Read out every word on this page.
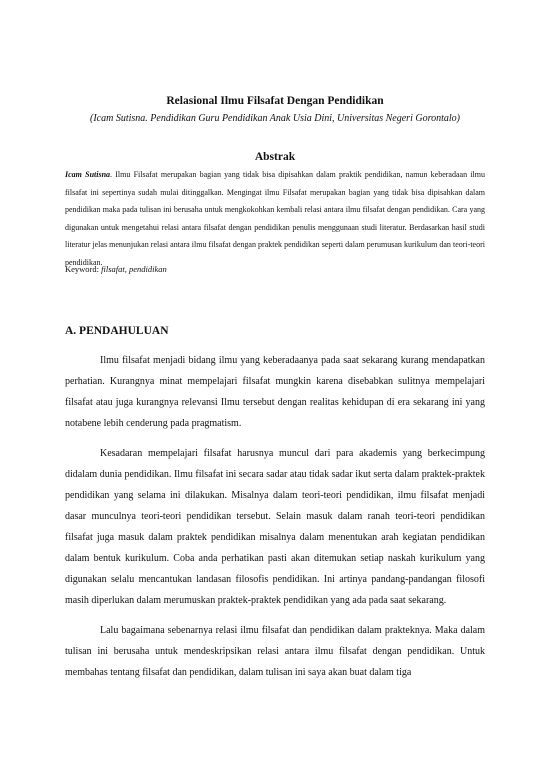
Relasional Ilmu Filsafat Dengan Pendidikan
(Icam Sutisna. Pendidikan Guru Pendidikan Anak Usia Dini, Universitas Negeri Gorontalo)
Abstrak
Icam Sutisna. Ilmu Filsafat merupakan bagian yang tidak bisa dipisahkan dalam praktik pendidikan, namun keberadaan ilmu filsafat ini sepertinya sudah mulai ditinggalkan. Mengingat ilmu Filsafat merupakan bagian yang tidak bisa dipisahkan dalam pendidikan maka pada tulisan ini berusaha untuk mengkokohkan kembali relasi antara ilmu filsafat dengan pendidikan. Cara yang digunakan untuk mengetahui relasi antara filsafat dengan pendidikan penulis menggunaan studi literatur. Berdasarkan hasil studi literatur jelas menunjukan relasi antara ilmu filsafat dengan praktek pendidikan seperti dalam perumusan kurikulum dan teori-teori pendidikan.
Keyword: filsafat, pendidikan
A. PENDAHULUAN

Ilmu filsafat menjadi bidang ilmu yang keberadaanya pada saat sekarang kurang mendapatkan perhatian. Kurangnya minat mempelajari filsafat mungkin karena disebabkan sulitnya mempelajari filsafat atau juga kurangnya relevansi Ilmu tersebut dengan realitas kehidupan di era sekarang ini yang notabene lebih cenderung pada pragmatism.

Kesadaran mempelajari filsafat harusnya muncul dari para akademis yang berkecimpung didalam dunia pendidikan. Ilmu filsafat ini secara sadar atau tidak sadar ikut serta dalam praktek-praktek pendidikan yang selama ini dilakukan. Misalnya dalam teori-teori pendidikan, ilmu filsafat menjadi dasar munculnya teori-teori pendidikan tersebut. Selain masuk dalam ranah teori-teori pendidikan filsafat juga masuk dalam praktek pendidikan misalnya dalam menentukan arah kegiatan pendidikan dalam bentuk kurikulum. Coba anda perhatikan pasti akan ditemukan setiap naskah kurikulum yang digunakan selalu mencantukan landasan filosofis pendidikan. Ini artinya pandang-pandangan filosofi masih diperlukan dalam merumuskan praktek-praktek pendidikan yang ada pada saat sekarang.

Lalu bagaimana sebenarnya relasi ilmu filsafat dan pendidikan dalam prakteknya. Maka dalam tulisan ini berusaha untuk mendeskripsikan relasi antara ilmu filsafat dengan pendidikan. Untuk membahas tentang filsafat dan pendidikan, dalam tulisan ini saya akan buat dalam tiga
